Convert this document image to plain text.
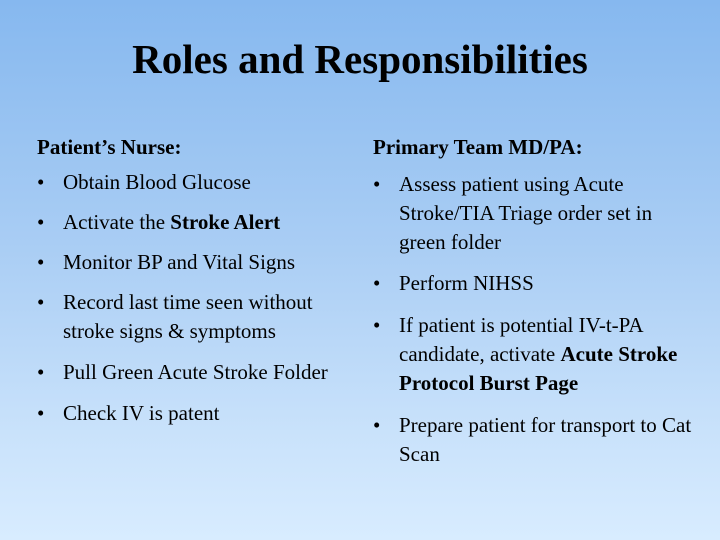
Roles and Responsibilities

Patient’s Nurse:

• Obtain Blood Glucose
• Activate the Stroke Alert
• Monitor BP and Vital Signs
• Record last time seen without stroke signs & symptoms
• Pull Green Acute Stroke Folder
• Check IV is patent

Primary Team MD/PA:

• Assess patient using Acute Stroke/TIA Triage order set in green folder
• Perform NIHSS
• If patient is potential IV-t-PA candidate, activate Acute Stroke Protocol Burst Page
• Prepare patient for transport to Cat Scan
